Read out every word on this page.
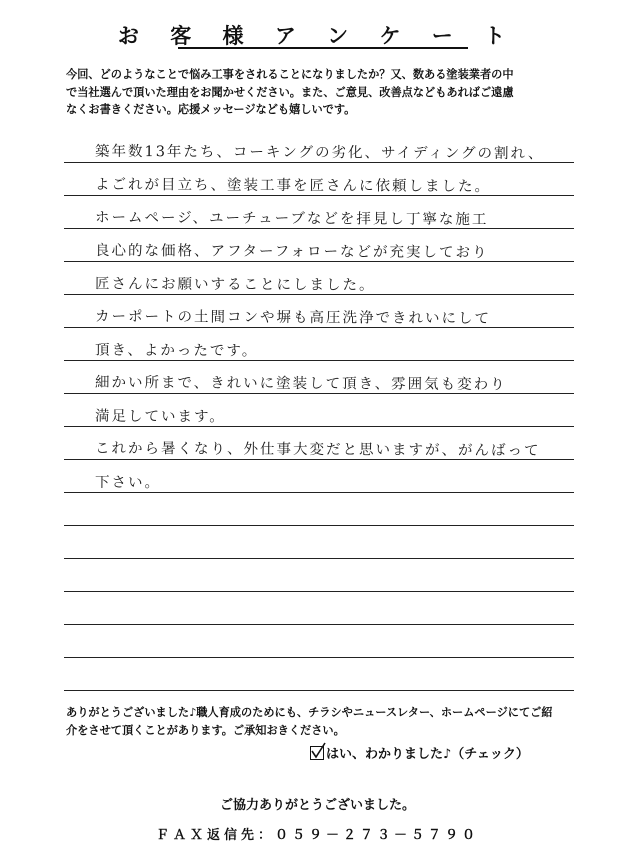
お 客 様 ア ン ケ ー ト
今回、どのようなことで悩み工事をされることになりましたか？又、数ある塗装業者の中
で当社選んで頂いた理由をお聞かせください。また、ご意見、改善点などもあればご遠慮
なくお書きください。応援メッセージなども嬉しいです。
築年数13年たち、コーキングの劣化、サイディングの割れ、
よごれが目立ち、塗装工事を匠さんに依頼しました。
ホームページ、ユーチューブなどを拝見し丁寧な施工
良心的な価格、アフターフォローなどが充実しており
匠さんにお願いすることにしました。
カーポートの土間コンや塀も高圧洗浄できれいにして
頂き、よかったです。
細かい所まで、きれいに塗装して頂き、雰囲気も変わり
満足しています。
これから暑くなり、外仕事大変だと思いますが、がんばって
下さい。
ありがとうございました♪職人育成のためにも、チラシやニュースレター、ホームページにてご紹
介をさせて頂くことがあります。ご承知おきください。
はい、わかりました♪（チェック）
ご協力ありがとうございました。
ＦＡＸ返信先：０５９－２７３－５７９０
